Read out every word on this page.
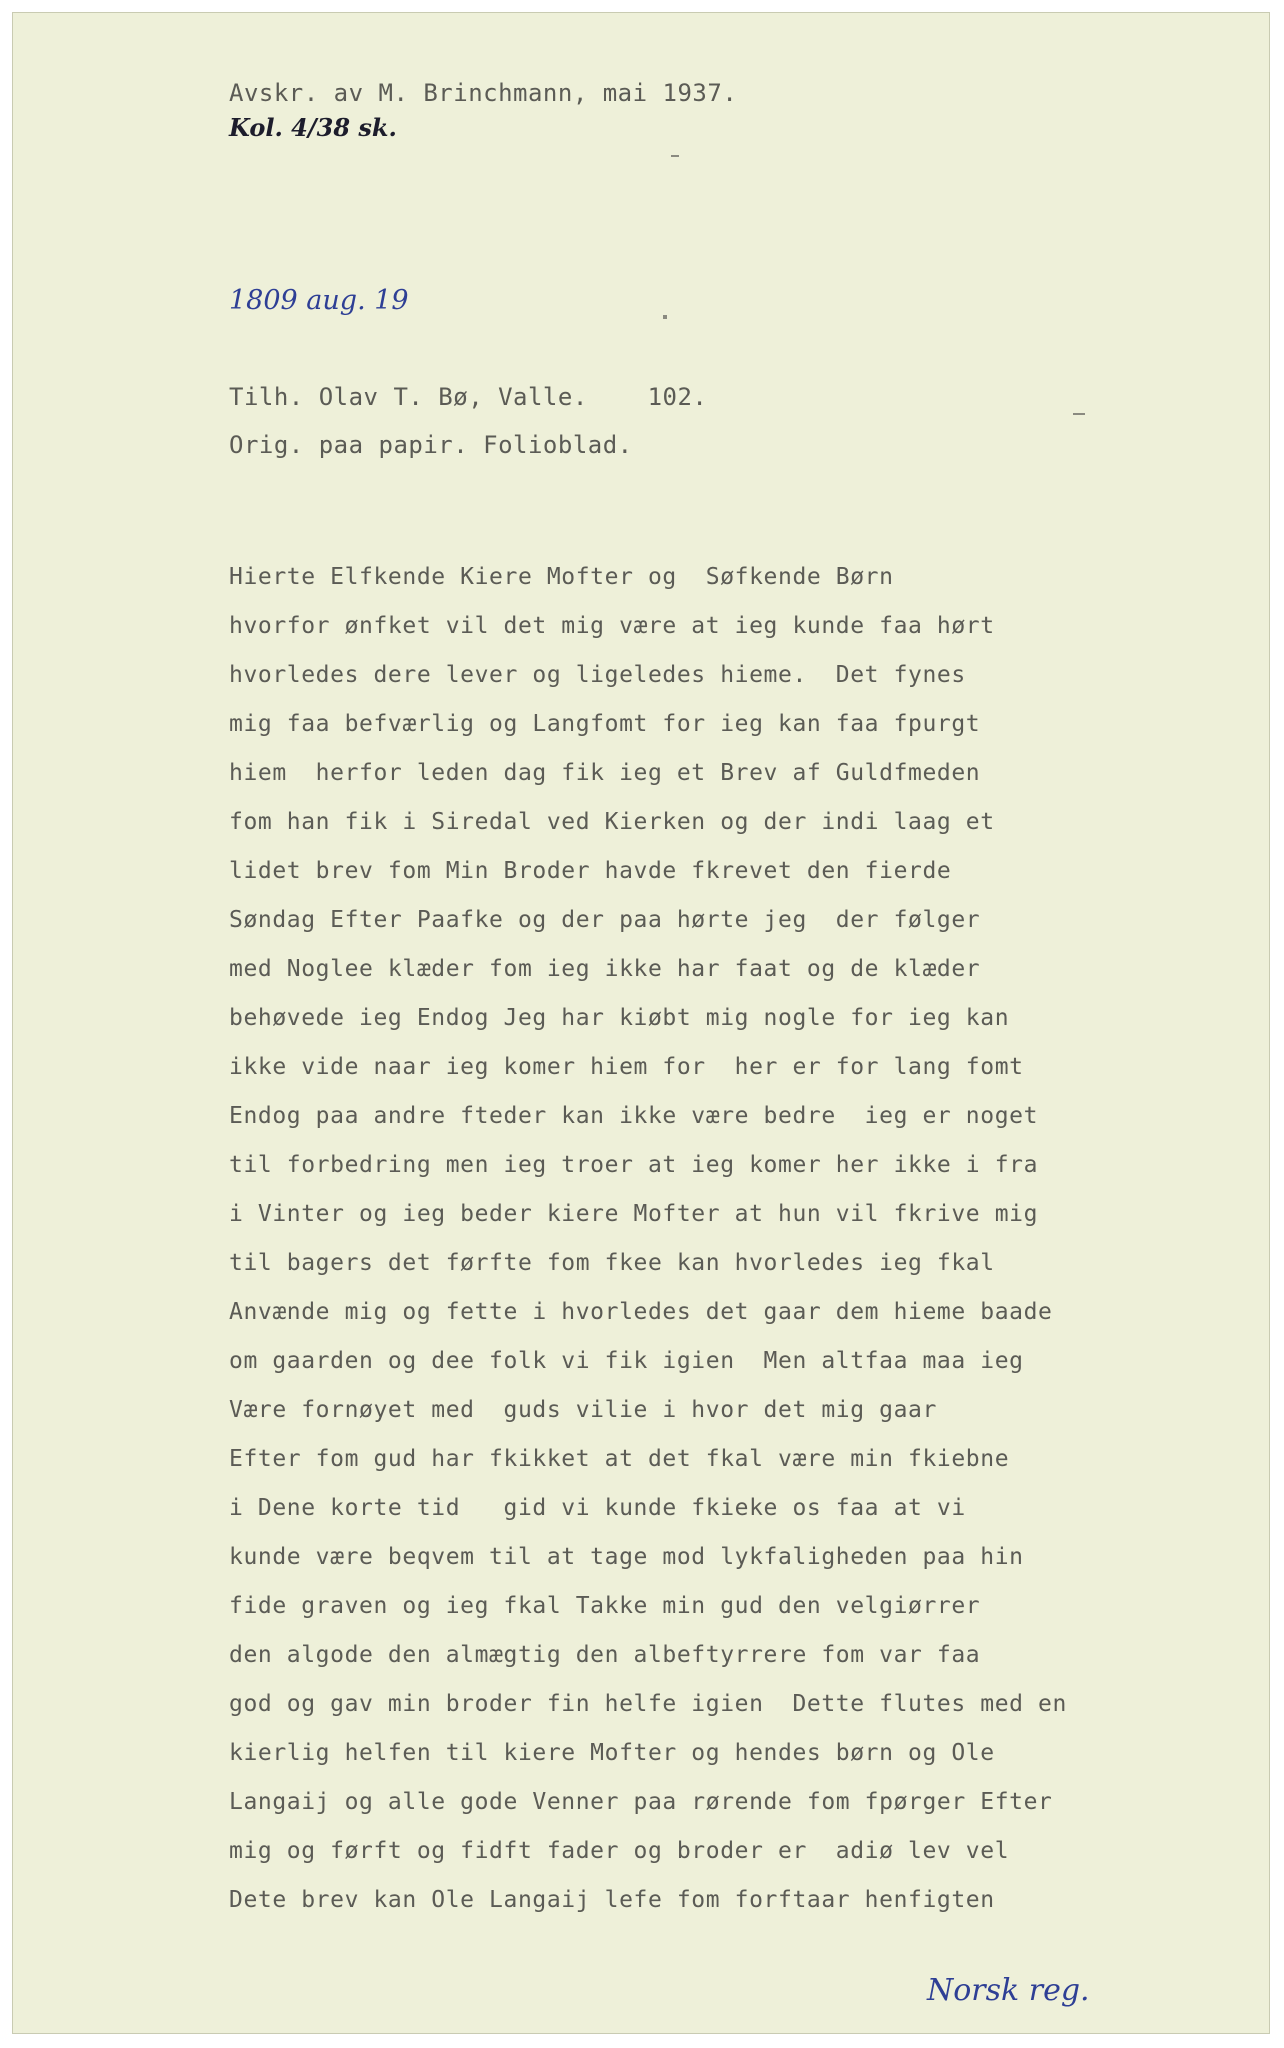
Avskr. av M. Brinchmann, mai 1937.
Kol. 4/38 sk.
1809 aug. 19
Tilh. Olav T. Bø, Valle.    102.
Orig. paa papir. Folioblad.
Hierte Elfkende Kiere Mofter og  Søfkende Børn
hvorfor ønfket vil det mig være at ieg kunde faa hørt
hvorledes dere lever og ligeledes hieme.  Det fynes
mig faa befværlig og Langfomt for ieg kan faa fpurgt
hiem  herfor leden dag fik ieg et Brev af Guldfmeden
fom han fik i Siredal ved Kierken og der indi laag et
lidet brev fom Min Broder havde fkrevet den fierde
Søndag Efter Paafke og der paa hørte jeg  der følger
med Noglee klæder fom ieg ikke har faat og de klæder
behøvede ieg Endog Jeg har kiøbt mig nogle for ieg kan
ikke vide naar ieg komer hiem for  her er for lang fomt
Endog paa andre fteder kan ikke være bedre  ieg er noget
til forbedring men ieg troer at ieg komer her ikke i fra
i Vinter og ieg beder kiere Mofter at hun vil fkrive mig
til bagers det førfte fom fkee kan hvorledes ieg fkal
Anvænde mig og fette i hvorledes det gaar dem hieme baade
om gaarden og dee folk vi fik igien  Men altfaa maa ieg
Være fornøyet med  guds vilie i hvor det mig gaar
Efter fom gud har fkikket at det fkal være min fkiebne
i Dene korte tid   gid vi kunde fkieke os faa at vi
kunde være beqvem til at tage mod lykfaligheden paa hin
fide graven og ieg fkal Takke min gud den velgiørrer
den algode den almægtig den albeftyrrere fom var faa
god og gav min broder fin helfe igien  Dette flutes med en
kierlig helfen til kiere Mofter og hendes børn og Ole
Langaij og alle gode Venner paa rørende fom fpørger Efter
mig og førft og fidft fader og broder er  adiø lev vel
Dete brev kan Ole Langaij lefe fom forftaar henfigten
Norsk reg.
